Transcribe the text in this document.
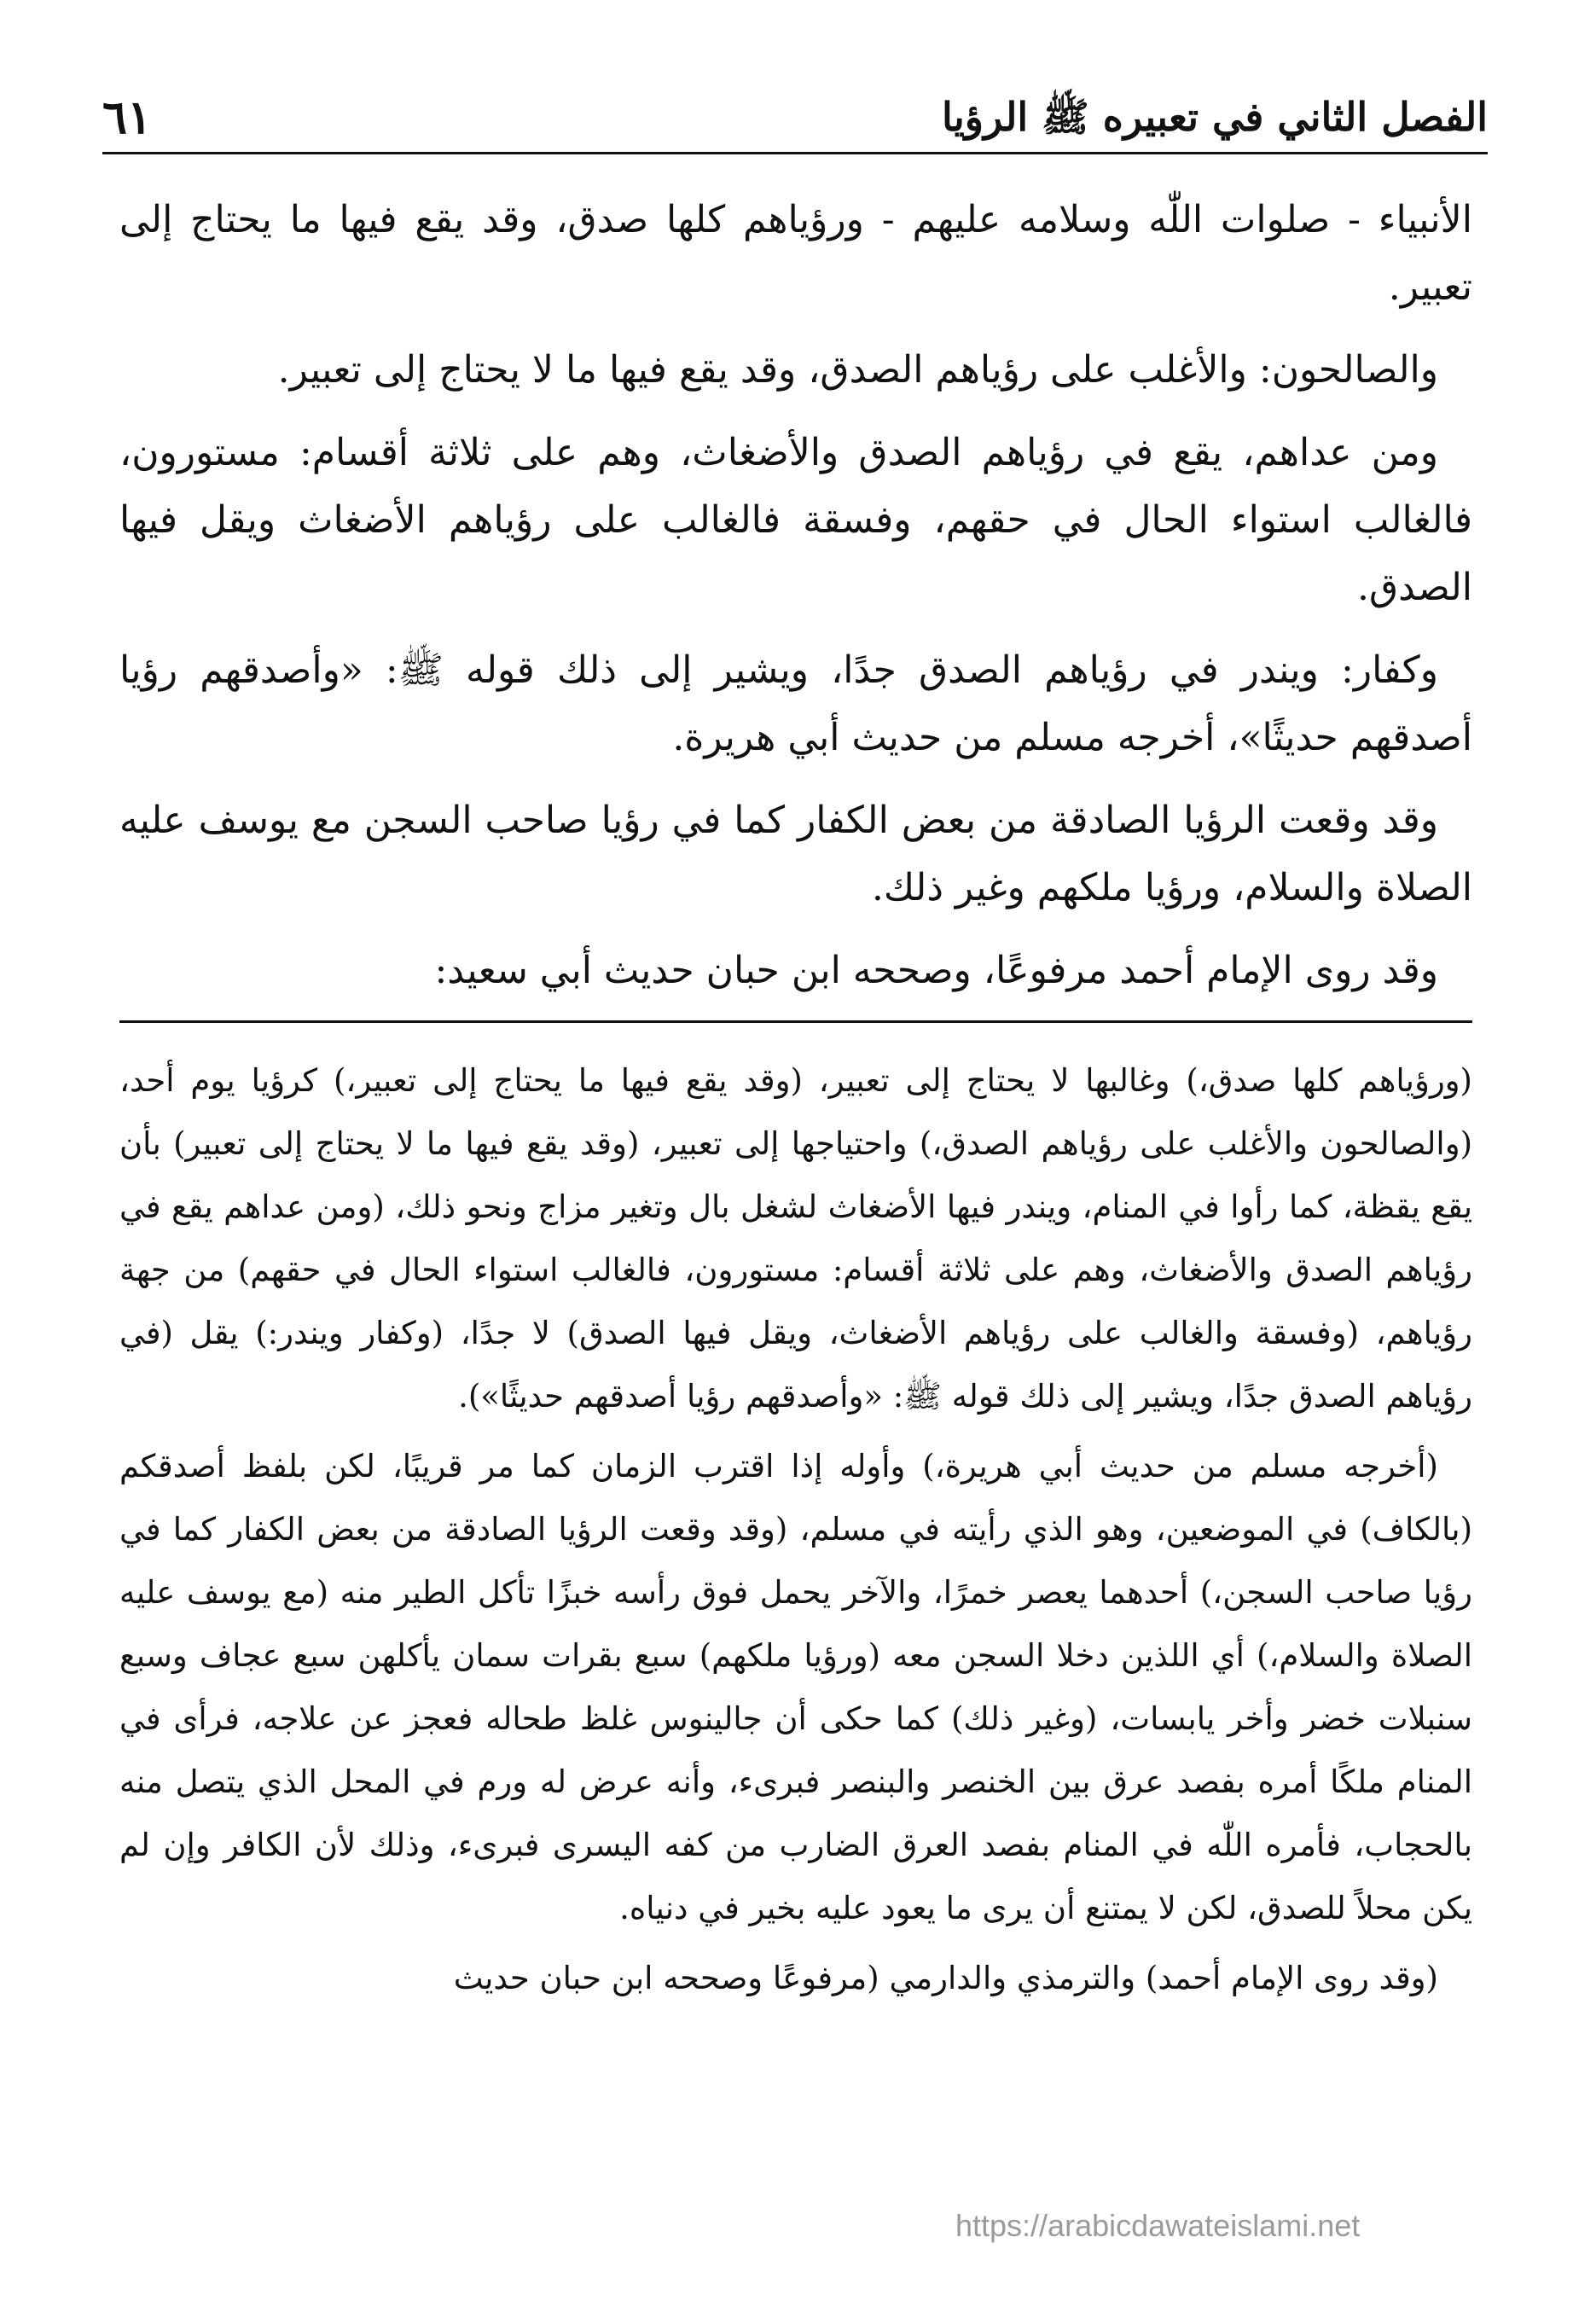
الفصل الثاني في تعبيره ﷺ الرؤيا
٦١

الأنبياء - صلوات اللّٰه وسلامه عليهم - ورؤياهم كلها صدق، وقد يقع فيها ما يحتاج إلى تعبير.

والصالحون: والأغلب على رؤياهم الصدق، وقد يقع فيها ما لا يحتاج إلى تعبير.

ومن عداهم، يقع في رؤياهم الصدق والأضغاث، وهم على ثلاثة أقسام: مستورون، فالغالب استواء الحال في حقهم، وفسقة فالغالب على رؤياهم الأضغاث ويقل فيها الصدق.

وكفار: ويندر في رؤياهم الصدق جدًا، ويشير إلى ذلك قوله ﷺ: «وأصدقهم رؤيا أصدقهم حديثًا»، أخرجه مسلم من حديث أبي هريرة.

وقد وقعت الرؤيا الصادقة من بعض الكفار كما في رؤيا صاحب السجن مع يوسف عليه الصلاة والسلام، ورؤيا ملكهم وغير ذلك.

وقد روى الإمام أحمد مرفوعًا، وصححه ابن حبان حديث أبي سعيد:

(ورؤياهم كلها صدق،) وغالبها لا يحتاج إلى تعبير، (وقد يقع فيها ما يحتاج إلى تعبير،) كرؤيا يوم أحد، (والصالحون والأغلب على رؤياهم الصدق،) واحتياجها إلى تعبير، (وقد يقع فيها ما لا يحتاج إلى تعبير) بأن يقع يقظة، كما رأوا في المنام، ويندر فيها الأضغاث لشغل بال وتغير مزاج ونحو ذلك، (ومن عداهم يقع في رؤياهم الصدق والأضغاث، وهم على ثلاثة أقسام: مستورون، فالغالب استواء الحال في حقهم) من جهة رؤياهم، (وفسقة والغالب على رؤياهم الأضغاث، ويقل فيها الصدق) لا جدًا، (وكفار ويندر:) يقل (في رؤياهم الصدق جدًا، ويشير إلى ذلك قوله ﷺ: «وأصدقهم رؤيا أصدقهم حديثًا»).

(أخرجه مسلم من حديث أبي هريرة،) وأوله إذا اقترب الزمان كما مر قريبًا، لكن بلفظ أصدقكم (بالكاف) في الموضعين، وهو الذي رأيته في مسلم، (وقد وقعت الرؤيا الصادقة من بعض الكفار كما في رؤيا صاحب السجن،) أحدهما يعصر خمرًا، والآخر يحمل فوق رأسه خبزًا تأكل الطير منه (مع يوسف عليه الصلاة والسلام،) أي اللذين دخلا السجن معه (ورؤيا ملكهم) سبع بقرات سمان يأكلهن سبع عجاف وسبع سنبلات خضر وأخر يابسات، (وغير ذلك) كما حكى أن جالينوس غلظ طحاله فعجز عن علاجه، فرأى في المنام ملكًا أمره بفصد عرق بين الخنصر والبنصر فبرىء، وأنه عرض له ورم في المحل الذي يتصل منه بالحجاب، فأمره اللّٰه في المنام بفصد العرق الضارب من كفه اليسرى فبرىء، وذلك لأن الكافر وإن لم يكن محلاً للصدق، لكن لا يمتنع أن يرى ما يعود عليه بخير في دنياه.

(وقد روى الإمام أحمد) والترمذي والدارمي (مرفوعًا وصححه ابن حبان حديث

https://arabicdawateislami.net
